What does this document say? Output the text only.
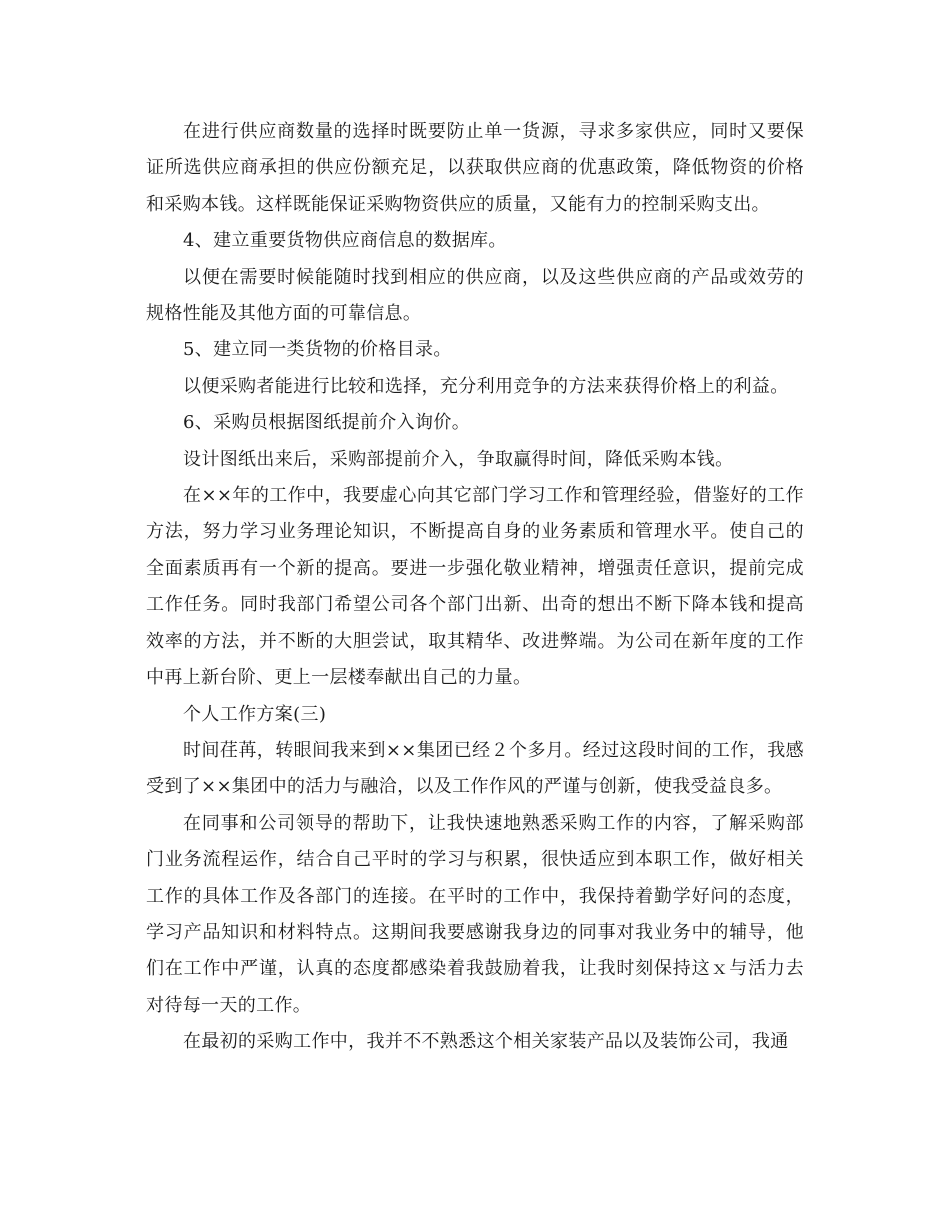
在进行供应商数量的选择时既要防止单一货源，寻求多家供应，同时又要保证所选供应商承担的供应份额充足，以获取供应商的优惠政策，降低物资的价格和采购本钱。这样既能保证采购物资供应的质量，又能有力的控制采购支出。

4、建立重要货物供应商信息的数据库。

以便在需要时候能随时找到相应的供应商，以及这些供应商的产品或效劳的规格性能及其他方面的可靠信息。

5、建立同一类货物的价格目录。

以便采购者能进行比较和选择，充分利用竞争的方法来获得价格上的利益。

6、采购员根据图纸提前介入询价。

设计图纸出来后，采购部提前介入，争取赢得时间，降低采购本钱。

在××年的工作中，我要虚心向其它部门学习工作和管理经验，借鉴好的工作方法，努力学习业务理论知识，不断提高自身的业务素质和管理水平。使自己的全面素质再有一个新的提高。要进一步强化敬业精神，增强责任意识，提前完成工作任务。同时我部门希望公司各个部门出新、出奇的想出不断下降本钱和提高效率的方法，并不断的大胆尝试，取其精华、改进弊端。为公司在新年度的工作中再上新台阶、更上一层楼奉献出自己的力量。

个人工作方案(三)

时间荏苒，转眼间我来到××集团已经２个多月。经过这段时间的工作，我感受到了××集团中的活力与融洽，以及工作作风的严谨与创新，使我受益良多。

在同事和公司领导的帮助下，让我快速地熟悉采购工作的内容，了解采购部门业务流程运作，结合自己平时的学习与积累，很快适应到本职工作，做好相关工作的具体工作及各部门的连接。在平时的工作中，我保持着勤学好问的态度，学习产品知识和材料特点。这期间我要感谢我身边的同事对我业务中的辅导，他们在工作中严谨，认真的态度都感染着我鼓励着我，让我时刻保持这ｘ与活力去对待每一天的工作。

在最初的采购工作中，我并不不熟悉这个相关家装产品以及装饰公司，我通
